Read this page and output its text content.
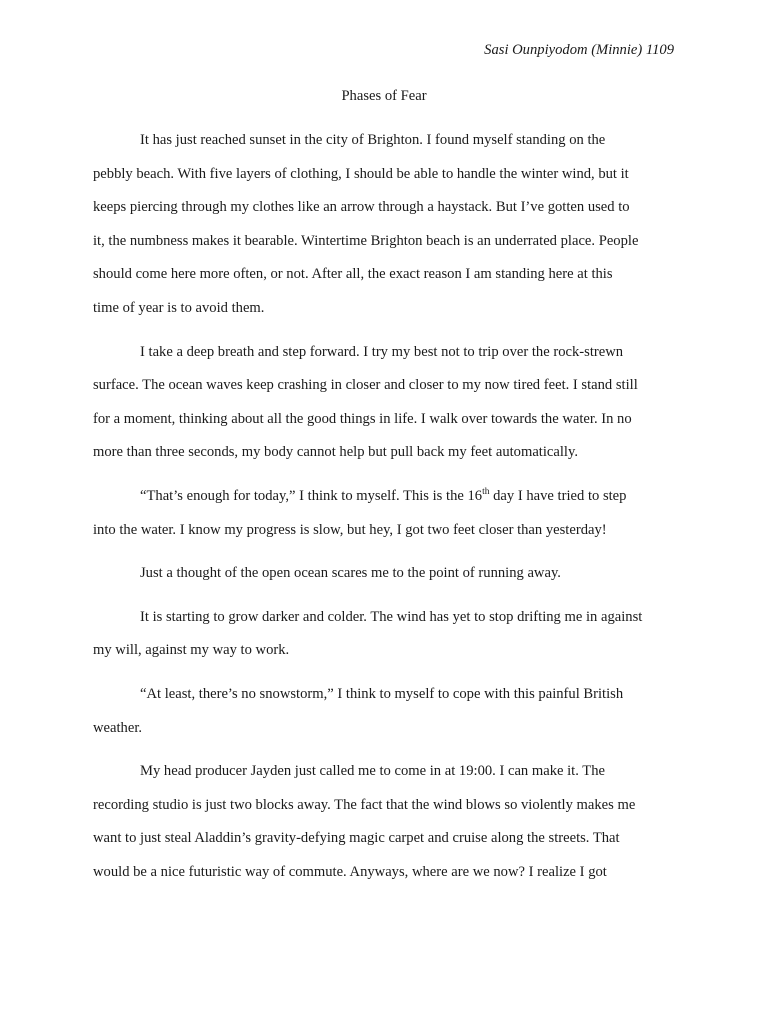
Sasi Ounpiyodom (Minnie) 1109
Phases of Fear

It has just reached sunset in the city of Brighton. I found myself standing on the
pebbly beach. With five layers of clothing, I should be able to handle the winter wind, but it
keeps piercing through my clothes like an arrow through a haystack. But I’ve gotten used to
it, the numbness makes it bearable. Wintertime Brighton beach is an underrated place. People
should come here more often, or not. After all, the exact reason I am standing here at this
time of year is to avoid them.

I take a deep breath and step forward. I try my best not to trip over the rock-strewn
surface. The ocean waves keep crashing in closer and closer to my now tired feet. I stand still
for a moment, thinking about all the good things in life. I walk over towards the water. In no
more than three seconds, my body cannot help but pull back my feet automatically.

“That’s enough for today,” I think to myself. This is the 16th day I have tried to step
into the water. I know my progress is slow, but hey, I got two feet closer than yesterday!

Just a thought of the open ocean scares me to the point of running away.

It is starting to grow darker and colder. The wind has yet to stop drifting me in against
my will, against my way to work.

“At least, there’s no snowstorm,” I think to myself to cope with this painful British
weather.

My head producer Jayden just called me to come in at 19:00. I can make it. The
recording studio is just two blocks away. The fact that the wind blows so violently makes me
want to just steal Aladdin’s gravity-defying magic carpet and cruise along the streets. That
would be a nice futuristic way of commute. Anyways, where are we now? I realize I got
